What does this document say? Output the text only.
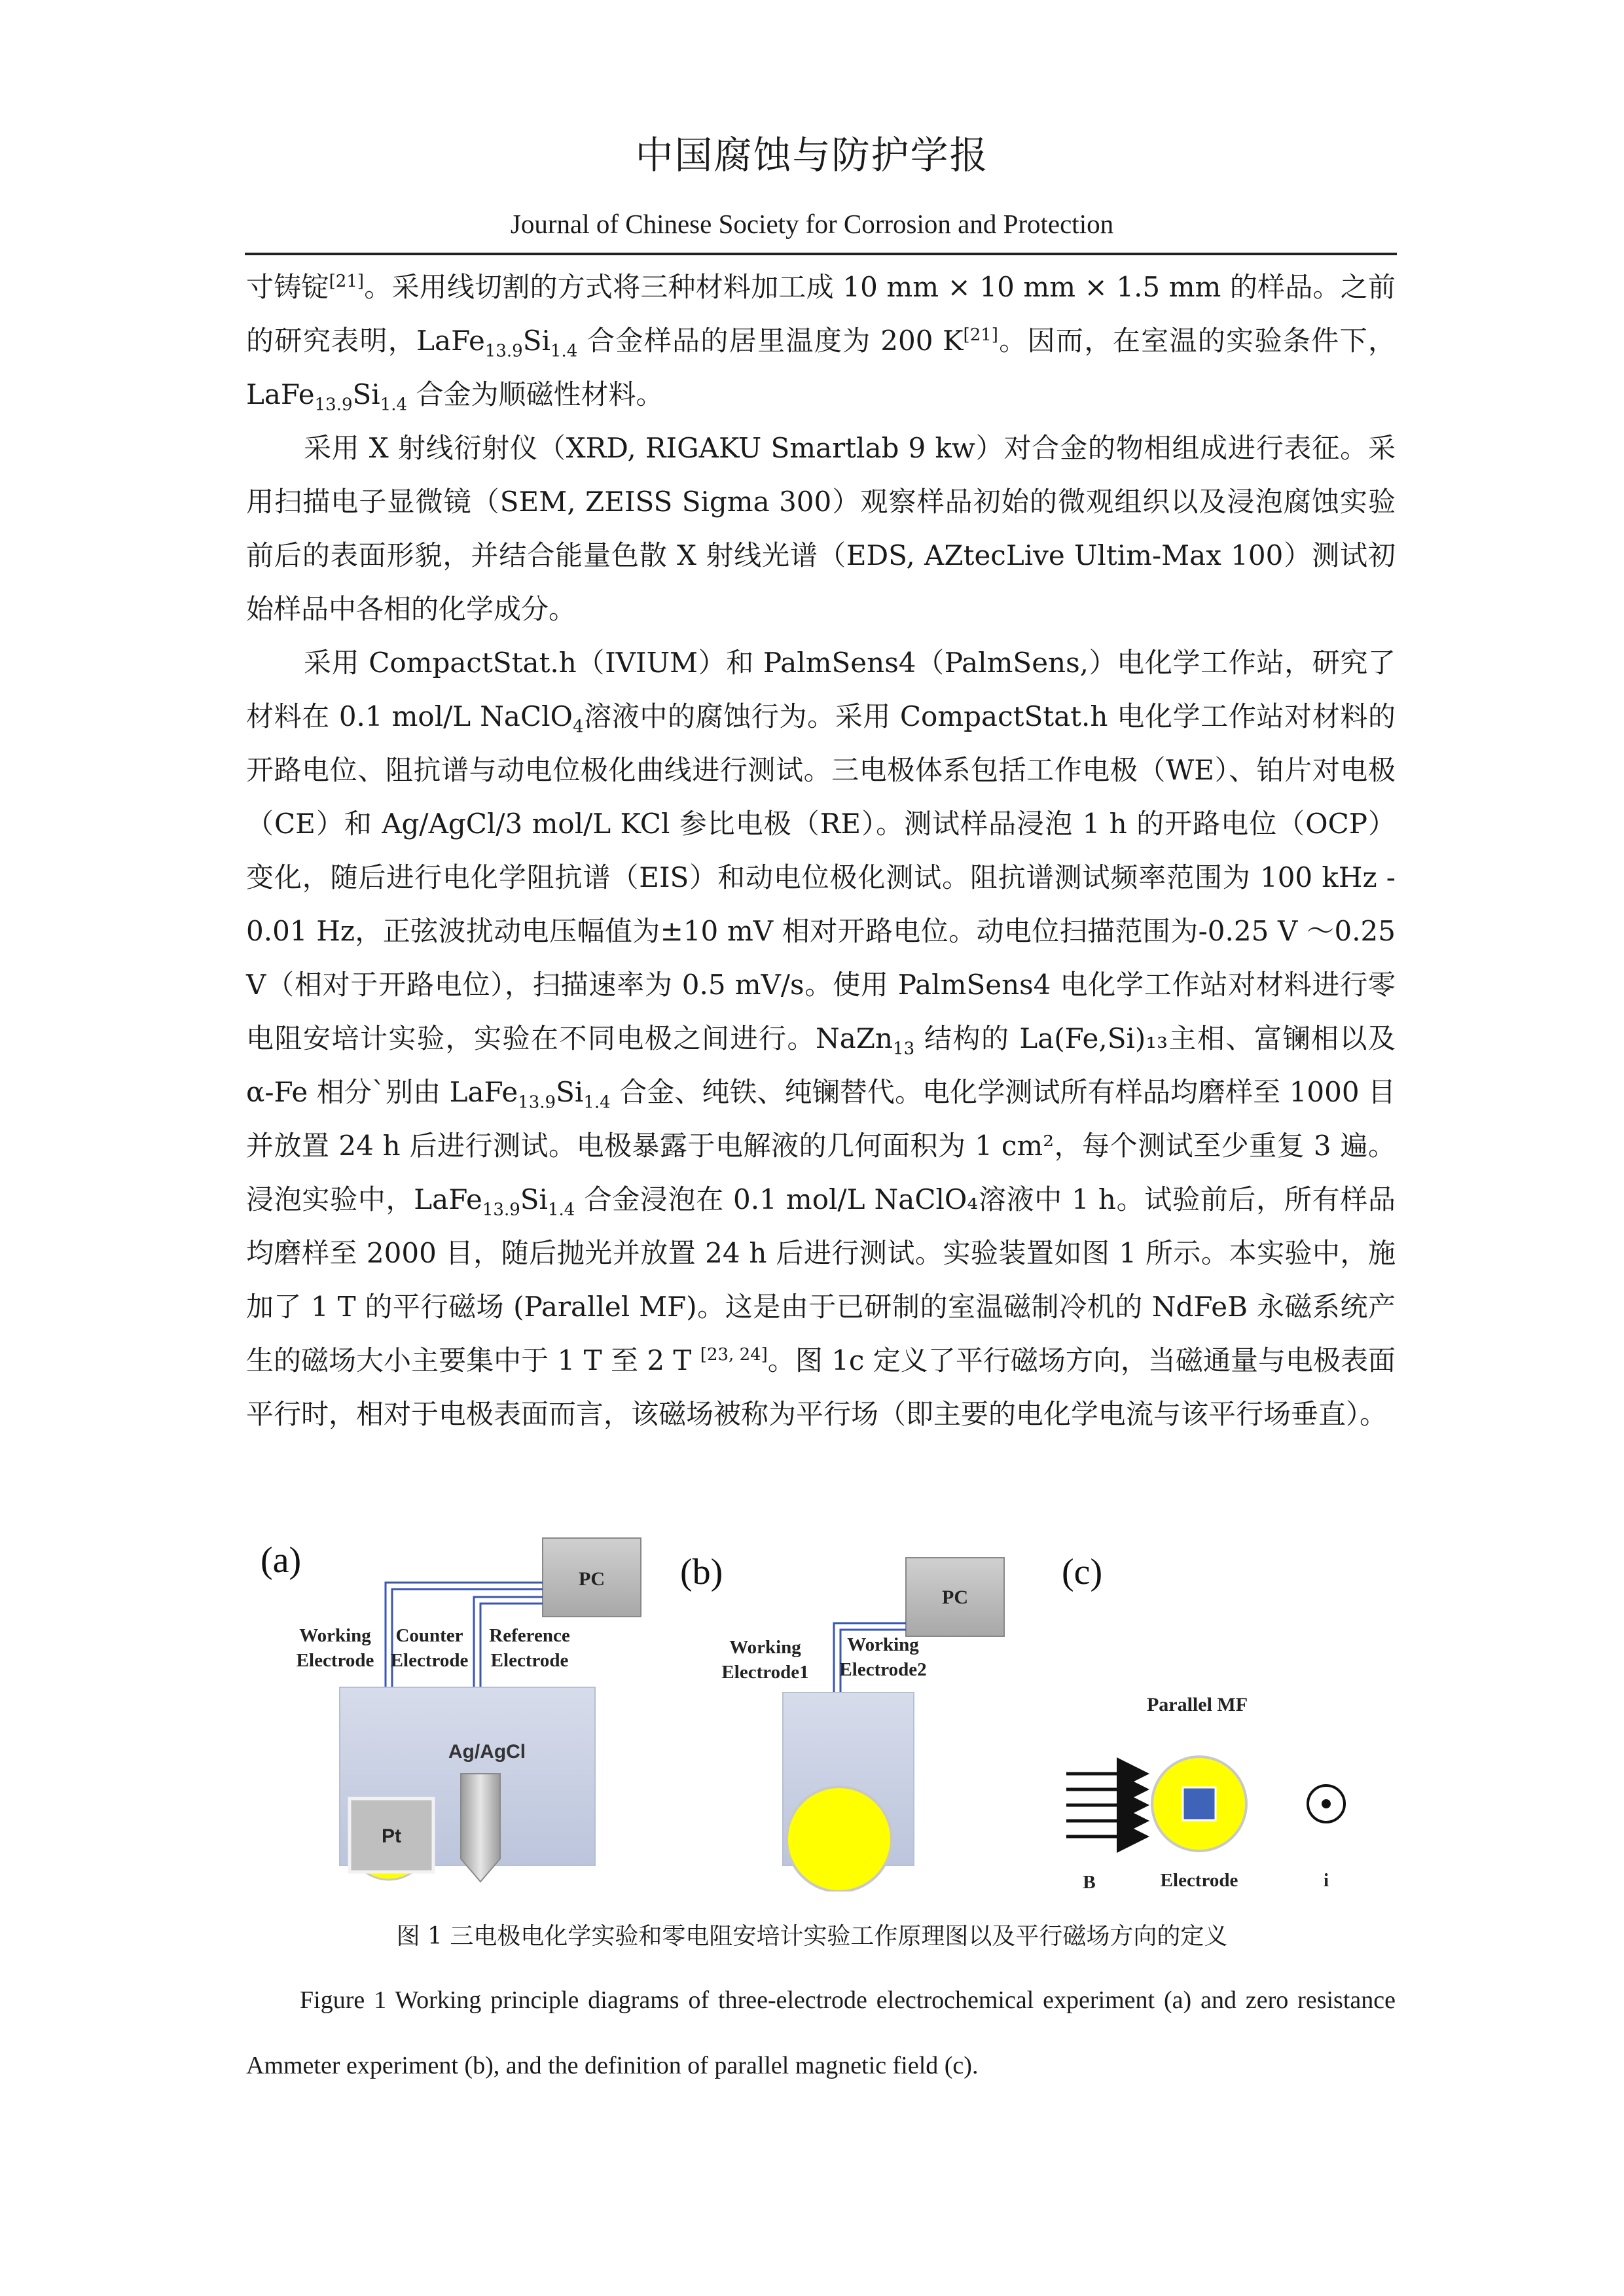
中国腐蚀与防护学报
Journal of Chinese Society for Corrosion and Protection

寸铸锭[21]。采用线切割的方式将三种材料加工成 10 mm × 10 mm × 1.5 mm 的样品。之前的研究表明，$LaFe_{13.9}Si_{1.4}$ 合金样品的居里温度为 200 K[21]。因而，在室温的实验条件下，$LaFe_{13.9}Si_{1.4}$ 合金为顺磁性材料。

采用 X 射线衍射仪（XRD, RIGAKU Smartlab 9 kw）对合金的物相组成进行表征。采用扫描电子显微镜（SEM, ZEISS Sigma 300）观察样品初始的微观组织以及浸泡腐蚀实验前后的表面形貌，并结合能量色散 X 射线光谱（EDS, AZtecLive Ultim-Max 100）测试初始样品中各相的化学成分。

采用 CompactStat.h（IVIUM）和 PalmSens4（PalmSens,）电化学工作站，研究了材料在 0.1 mol/L NaClO$_4$溶液中的腐蚀行为。采用 CompactStat.h 电化学工作站对材料的开路电位、阻抗谱与动电位极化曲线进行测试。三电极体系包括工作电极（WE）、铂片对电极（CE）和 Ag/AgCl/3 mol/L KCl 参比电极（RE）。测试样品浸泡 1 h 的开路电位（OCP）变化，随后进行电化学阻抗谱（EIS）和动电位极化测试。阻抗谱测试频率范围为 100 kHz - 0.01 Hz，正弦波扰动电压幅值为±10 mV 相对开路电位。动电位扫描范围为-0.25 V ～0.25 V（相对于开路电位），扫描速率为 0.5 mV/s。使用 PalmSens4 电化学工作站对材料进行零电阻安培计实验，实验在不同电极之间进行。NaZn$_{13}$ 结构的 La(Fe,Si)₁₃主相、富镧相以及 α-Fe 相分`别由 $LaFe_{13.9}Si_{1.4}$ 合金、纯铁、纯镧替代。电化学测试所有样品均磨样至 1000 目并放置 24 h 后进行测试。电极暴露于电解液的几何面积为 1 cm²，每个测试至少重复 3 遍。浸泡实验中，$LaFe_{13.9}Si_{1.4}$ 合金浸泡在 0.1 mol/L NaClO₄溶液中 1 h。试验前后，所有样品均磨样至 2000 目，随后抛光并放置 24 h 后进行测试。实验装置如图 1 所示。本实验中，施加了 1 T 的平行磁场 (Parallel MF)。这是由于已研制的室温磁制冷机的 NdFeB 永磁系统产生的磁场大小主要集中于 1 T 至 2 T [23, 24]。图 1c 定义了平行磁场方向，当磁通量与电极表面平行时，相对于电极表面而言，该磁场被称为平行场（即主要的电化学电流与该平行场垂直）。

(a)	PC
Working
Electrode
Counter
Electrode
Reference
Electrode
Pt
Ag/AgCl
(b)
PC
Working
Electrode1
Working
Electrode2
(c)
Parallel MF
B	Electrode	i
图 1 三电极电化学实验和零电阻安培计实验工作原理图以及平行磁场方向的定义
Figure 1 Working principle diagrams of three-electrode electrochemical experiment (a) and zero resistance Ammeter experiment (b), and the definition of parallel magnetic field (c).
